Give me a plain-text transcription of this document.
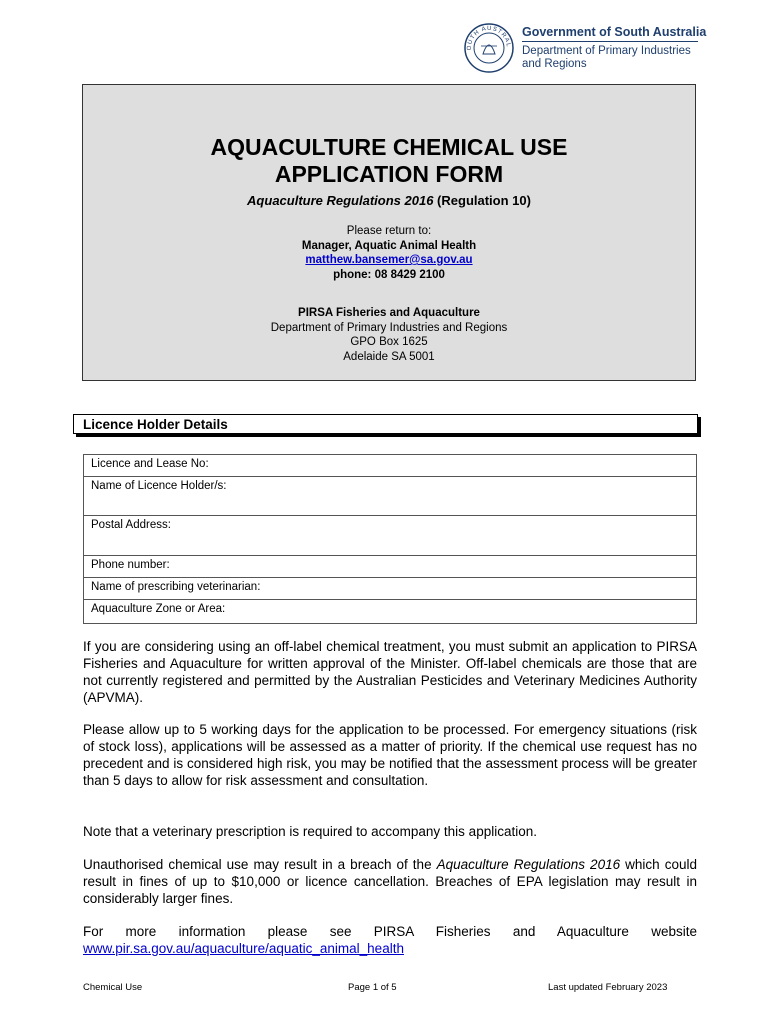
OUTH AUSTRAL
Government of South Australia
Department of Primary Industries
and Regions
AQUACULTURE CHEMICAL USE
APPLICATION FORM
Aquaculture Regulations 2016 (Regulation 10)
Please return to:
Manager, Aquatic Animal Health
matthew.bansemer@sa.gov.au
phone: 08 8429 2100
PIRSA Fisheries and Aquaculture
Department of Primary Industries and Regions
GPO Box 1625
Adelaide SA 5001
Licence Holder Details
Licence and Lease No:
Name of Licence Holder/s:
Postal Address:
Phone number:
Name of prescribing veterinarian:
Aquaculture Zone or Area:
If you are considering using an off-label chemical treatment, you must submit an application to PIRSA Fisheries and Aquaculture for written approval of the Minister. Off-label chemicals are those that are not currently registered and permitted by the Australian Pesticides and Veterinary Medicines Authority (APVMA).
Please allow up to 5 working days for the application to be processed. For emergency situations (risk of stock loss), applications will be assessed as a matter of priority. If the chemical use request has no precedent and is considered high risk, you may be notified that the assessment process will be greater than 5 days to allow for risk assessment and consultation.
Note that a veterinary prescription is required to accompany this application.
Unauthorised chemical use may result in a breach of the Aquaculture Regulations 2016 which could result in fines of up to $10,000 or licence cancellation. Breaches of EPA legislation may result in considerably larger fines.
For more information please see PIRSA Fisheries and Aquaculture website
www.pir.sa.gov.au/aquaculture/aquatic_animal_health
Chemical Use	Page 1 of 5	Last updated February 2023
